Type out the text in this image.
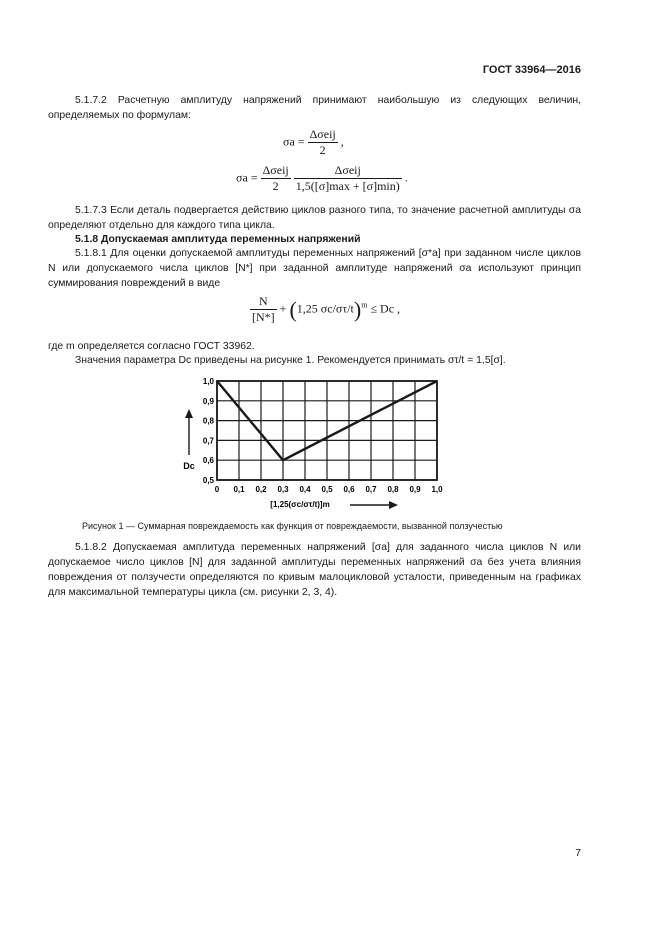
ГОСТ 33964—2016
5.1.7.2 Расчетную амплитуду напряжений принимают наибольшую из следующих величин, определяемых по формулам:
$\sigma a = \frac{\text{Δσeij}}{2}$ ,
$\sigma a = \frac{\text{Δσeij}}{2}$
$\frac{\text{Δσeij}}{1,5([\sigma]\max + [\sigma]\min)}$ .
5.1.7.3 Если деталь подвергается действию циклов разного типа, то значение расчетной амплитуды σa определяют отдельно для каждого типа цикла.
5.1.8 Допускаемая амплитуда переменных напряжений
5.1.8.1 Для оценки допускаемой амплитуды переменных напряжений [σ*a] при заданном числе циклов N или допускаемого числа циклов [N*] при заданной амплитуде напряжений σa используют принцип суммирования повреждений в виде
$\frac{N}{[N*]} + (1,25$ σc/στ/t)$^m$ ≤ Dc ,
где m определяется согласно ГОСТ 33962.
Значения параметра Dc приведены на рисунке 1. Рекомендуется принимать στ/t = 1,5[σ].
0 0,1 0,2 0,3 0,4 0,5 0,6 0,7 0,8 0,9 1,0
0,5
0,6
0,7
0,8
0,9
1,0
Dc
[1,25(σc/στ/t)]m
Рисунок 1 — Суммарная повреждаемость как функция от повреждаемости, вызванной ползучестью
5.1.8.2 Допускаемая амплитуда переменных напряжений [σa] для заданного числа циклов N или допускаемое число циклов [N] для заданной амплитуды переменных напряжений σa без учета влияния повреждения от ползучести определяются по кривым малоцикловой усталости, приведенным на графиках для максимальной температуры цикла (см. рисунки 2, 3, 4).
7
